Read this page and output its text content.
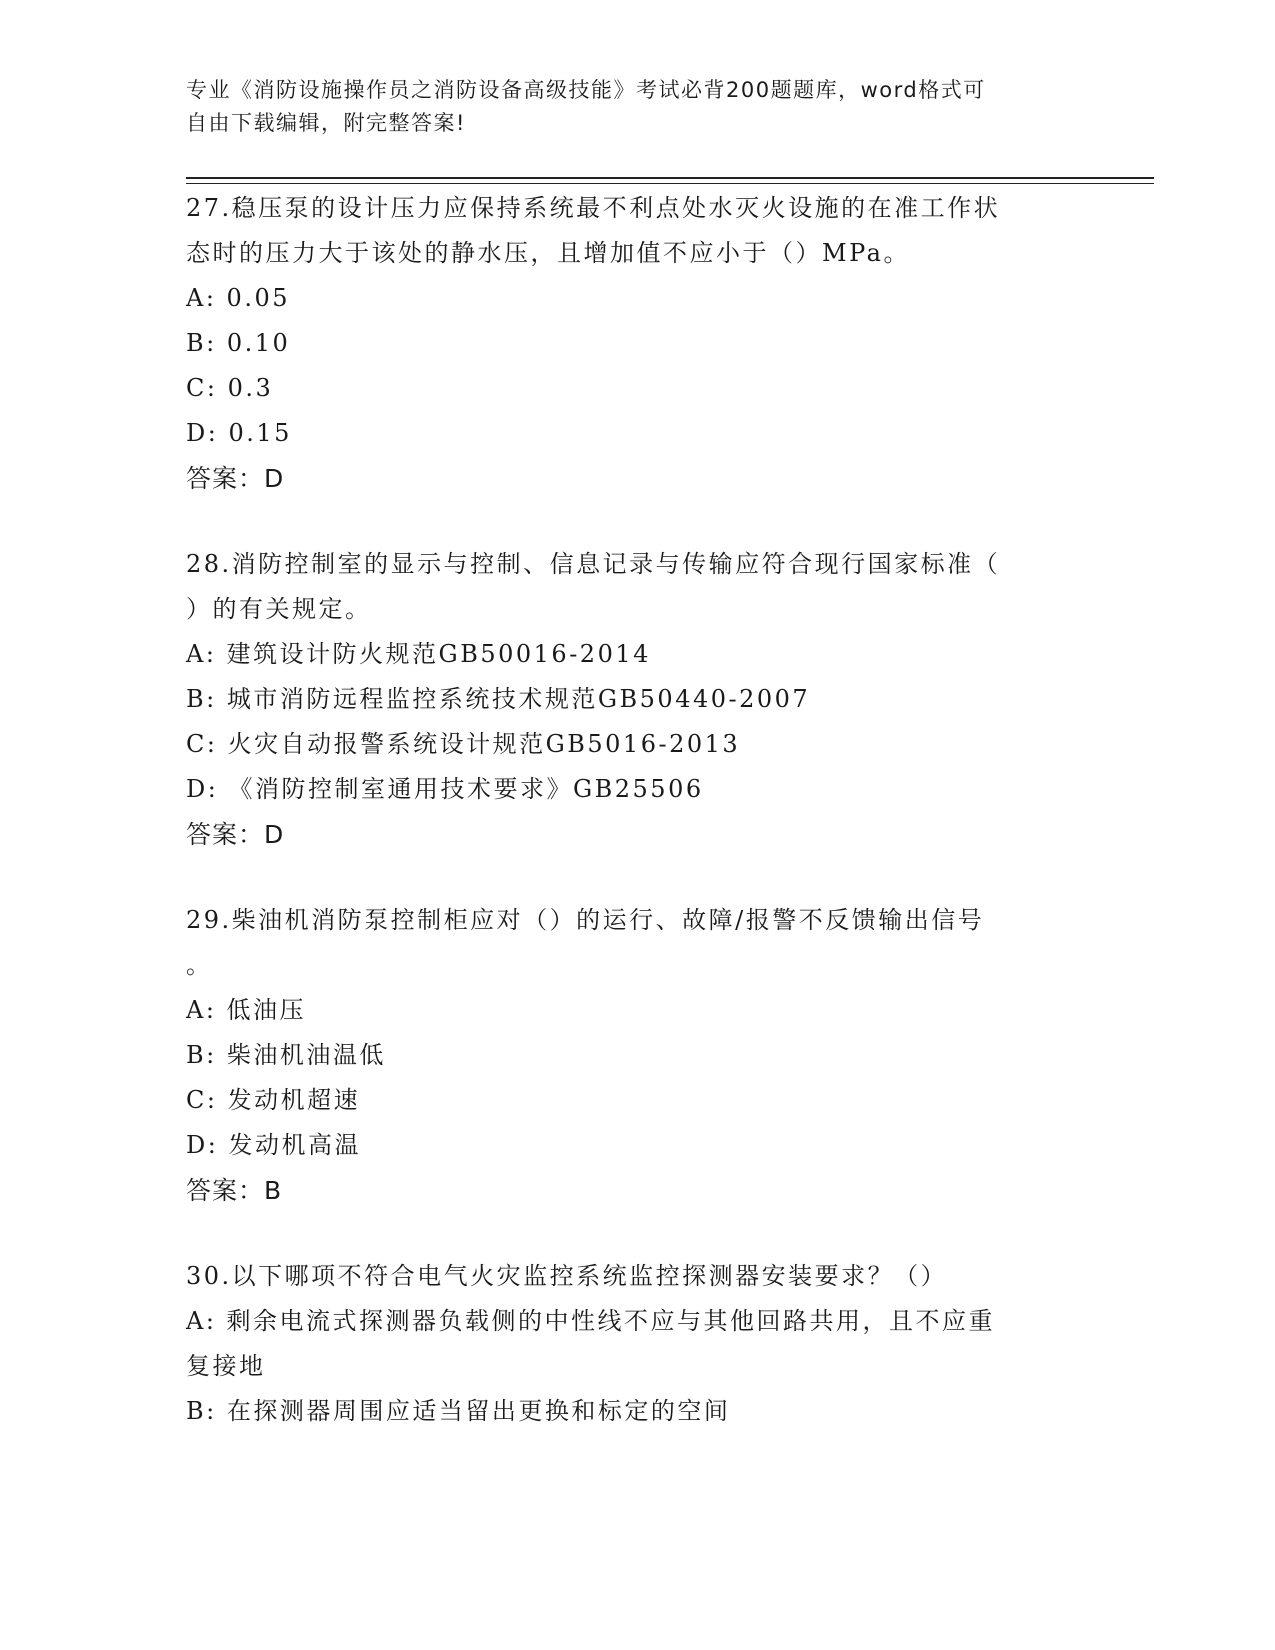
专业《消防设施操作员之消防设备高级技能》考试必背200题题库，word格式可
自由下载编辑，附完整答案!
27.稳压泵的设计压力应保持系统最不利点处水灭火设施的在准工作状
态时的压力大于该处的静水压，且增加值不应小于（）MPa。
A: 0.05
B: 0.10
C: 0.3
D: 0.15
答案：D
28.消防控制室的显示与控制、信息记录与传输应符合现行国家标准（
）的有关规定。
A: 建筑设计防火规范GB50016-2014
B: 城市消防远程监控系统技术规范GB50440-2007
C: 火灾自动报警系统设计规范GB5016-2013
D: 《消防控制室通用技术要求》GB25506
答案：D
29.柴油机消防泵控制柜应对（）的运行、故障/报警不反馈输出信号
。
A: 低油压
B: 柴油机油温低
C: 发动机超速
D: 发动机高温
答案：B
30.以下哪项不符合电气火灾监控系统监控探测器安装要求？（）
A: 剩余电流式探测器负载侧的中性线不应与其他回路共用，且不应重
复接地
B: 在探测器周围应适当留出更换和标定的空间
